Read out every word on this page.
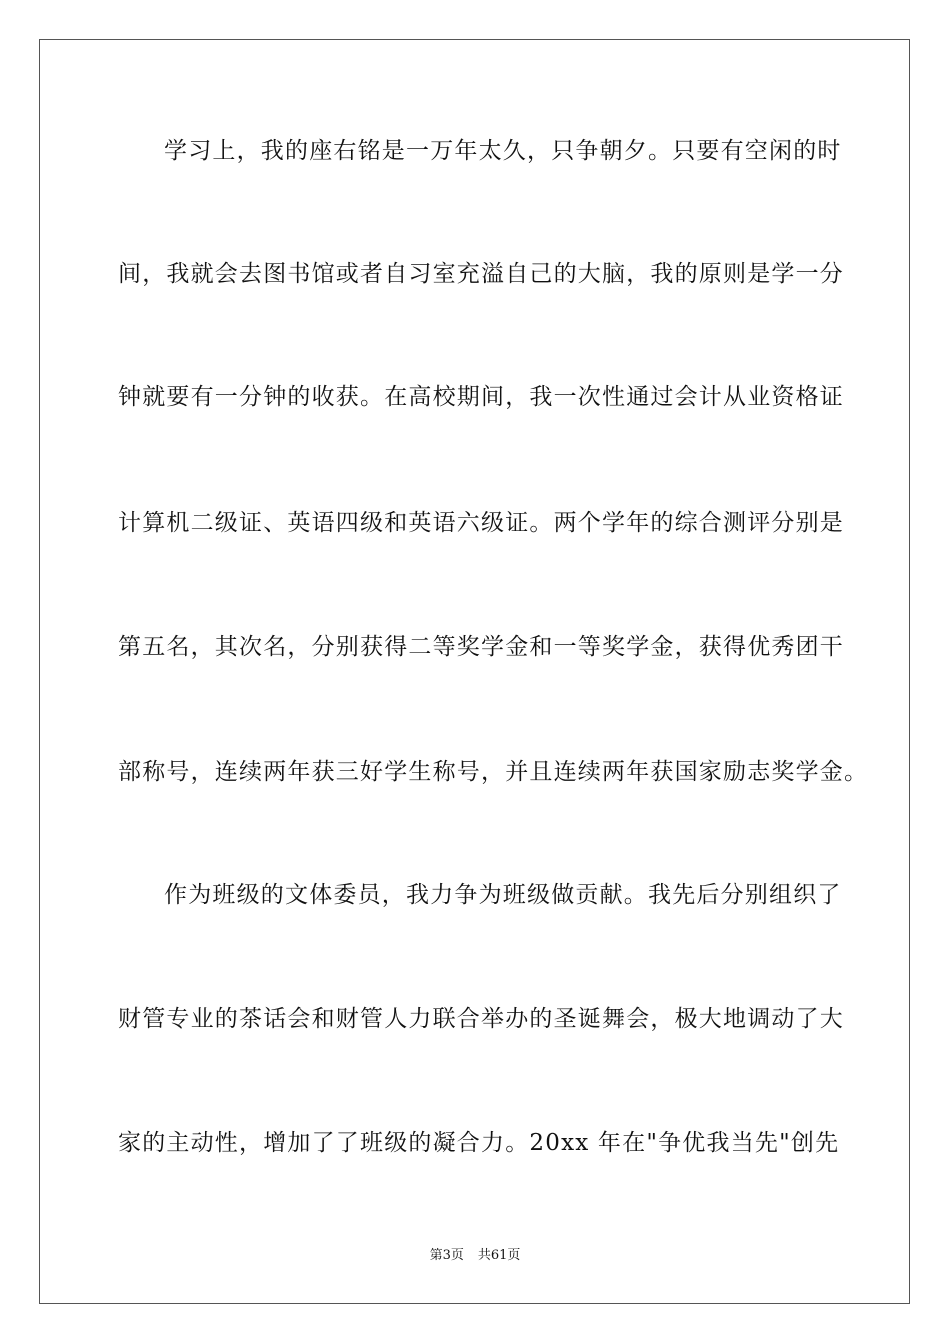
学习上，我的座右铭是一万年太久，只争朝夕。只要有空闲的时
间，我就会去图书馆或者自习室充溢自己的大脑，我的原则是学一分
钟就要有一分钟的收获。在高校期间，我一次性通过会计从业资格证
计算机二级证、英语四级和英语六级证。两个学年的综合测评分别是
第五名，其次名，分别获得二等奖学金和一等奖学金，获得优秀团干
部称号，连续两年获三好学生称号，并且连续两年获国家励志奖学金。
作为班级的文体委员，我力争为班级做贡献。我先后分别组织了
财管专业的茶话会和财管人力联合举办的圣诞舞会，极大地调动了大
家的主动性，增加了了班级的凝合力。20xx 年在"争优我当先"创先
第3页 共61页
